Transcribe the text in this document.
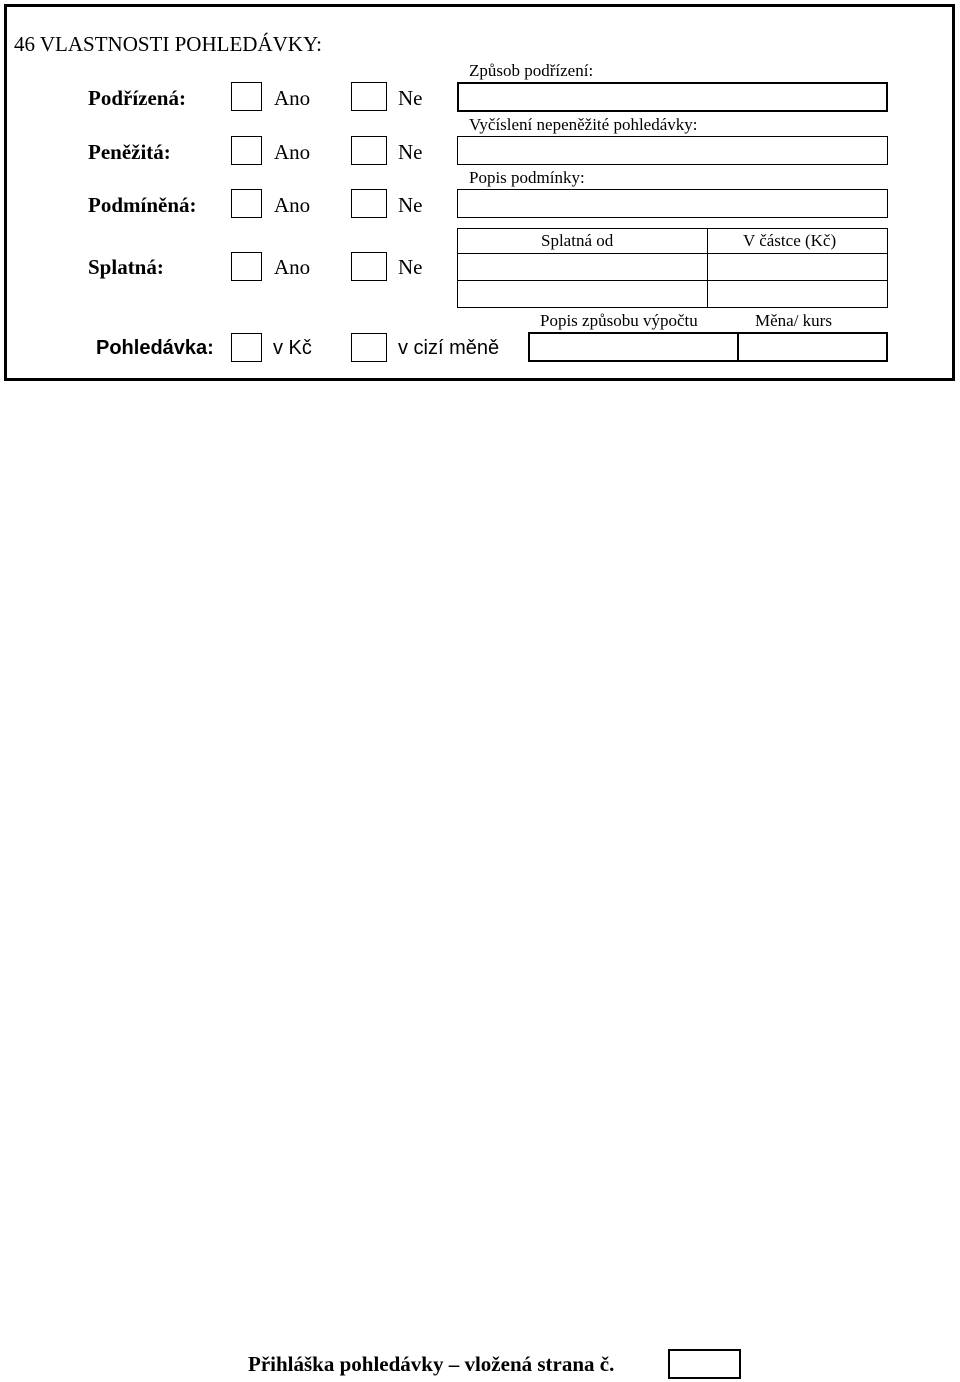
46 VLASTNOSTI POHLEDÁVKY:
Podřízená:	Ano	Ne
Způsob podřízení:
Peněžitá:	Ano	Ne
Vyčíslení nepeněžité pohledávky:
Podmíněná:	Ano	Ne
Popis podmínky:
Splatná:	Ano	Ne
Splatná od	V částce (Kč)
Pohledávka:	v Kč	v cizí měně
Popis způsobu výpočtu	Měna/ kurs
Přihláška pohledávky – vložená strana č.
